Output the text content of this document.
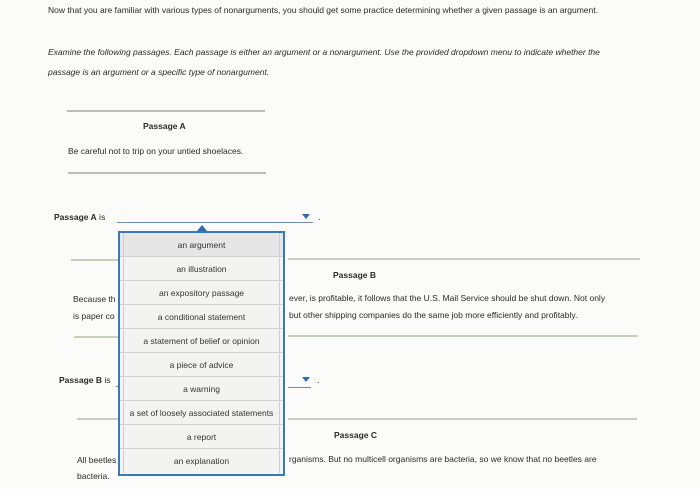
Now that you are familiar with various types of nonarguments, you should get some practice determining whether a given passage is an argument.
Examine the following passages. Each passage is either an argument or a nonargument. Use the provided dropdown menu to indicate whether the
passage is an argument or a specific type of nonargument.
Passage A
Be careful not to trip on your untied shoelaces.
Passage A is	.
Passage B
Because th
is paper co
ever, is profitable, it follows that the U.S. Mail Service should be shut down. Not only
but other shipping companies do the same job more efficiently and profitably.
Passage B is	.
Passage C
All beetles
bacteria.
rganisms. But no multicell organisms are bacteria, so we know that no beetles are
an argument
an illustration
an expository passage
a conditional statement
a statement of belief or opinion
a piece of advice
a warning
a set of loosely associated statements
a report
an explanation
